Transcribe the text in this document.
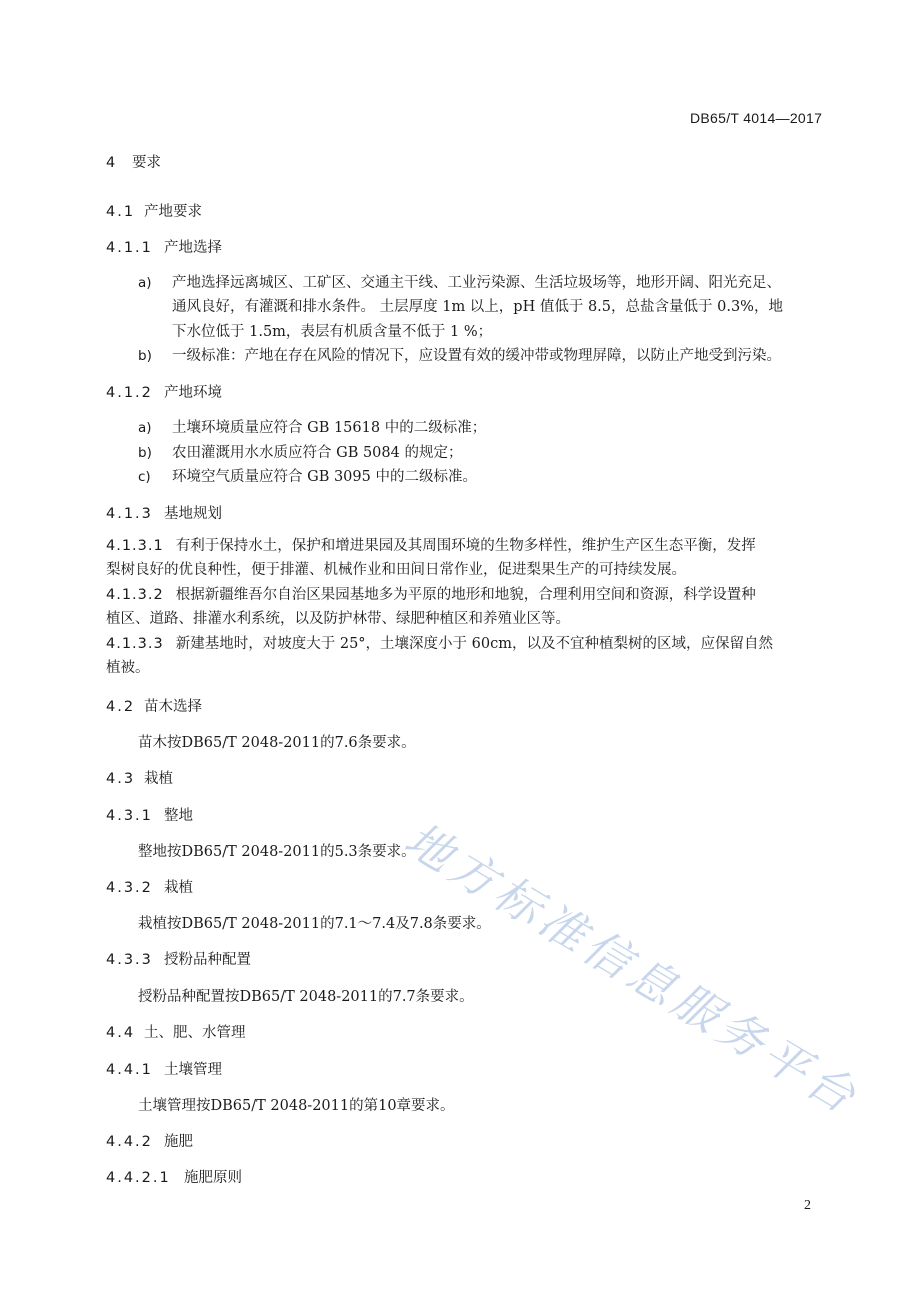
DB65/T 4014—2017
4 要求
4.1 产地要求
4.1.1 产地选择
a) 产地选择远离城区、工矿区、交通主干线、工业污染源、生活垃圾场等，地形开阔、阳光充足、
通风良好，有灌溉和排水条件。 土层厚度 1m 以上，pH 值低于 8.5，总盐含量低于 0.3%，地
下水位低于 1.5m，表层有机质含量不低于 1 %；
b) 一级标准：产地在存在风险的情况下，应设置有效的缓冲带或物理屏障，以防止产地受到污染。
4.1.2 产地环境
a) 土壤环境质量应符合 GB 15618 中的二级标准；
b) 农田灌溉用水水质应符合 GB 5084 的规定；
c) 环境空气质量应符合 GB 3095 中的二级标准。
4.1.3 基地规划
4.1.3.1 有利于保持水土，保护和增进果园及其周围环境的生物多样性，维护生产区生态平衡，发挥
梨树良好的优良种性，便于排灌、机械作业和田间日常作业，促进梨果生产的可持续发展。
4.1.3.2 根据新疆维吾尔自治区果园基地多为平原的地形和地貌，合理利用空间和资源，科学设置种
植区、道路、排灌水利系统，以及防护林带、绿肥种植区和养殖业区等。
4.1.3.3 新建基地时，对坡度大于 25°，土壤深度小于 60cm，以及不宜种植梨树的区域，应保留自然
植被。
4.2 苗木选择
苗木按DB65/T 2048-2011的7.6条要求。
4.3 栽植
4.3.1 整地
整地按DB65/T 2048-2011的5.3条要求。
4.3.2 栽植
栽植按DB65/T 2048-2011的7.1～7.4及7.8条要求。
4.3.3 授粉品种配置
授粉品种配置按DB65/T 2048-2011的7.7条要求。
4.4 土、肥、水管理
4.4.1 土壤管理
土壤管理按DB65/T 2048-2011的第10章要求。
4.4.2 施肥
4.4.2.1 施肥原则
地方标准信息服务平台
2
